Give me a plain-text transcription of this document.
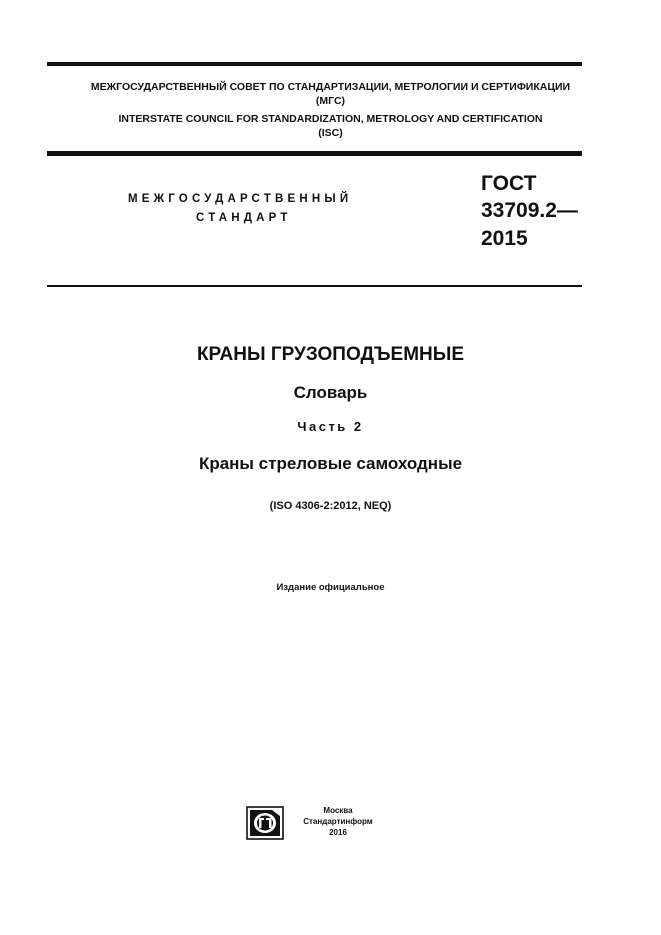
МЕЖГОСУДАРСТВЕННЫЙ СОВЕТ ПО СТАНДАРТИЗАЦИИ, МЕТРОЛОГИИ И СЕРТИФИКАЦИИ
(МГС)
INTERSTATE COUNCIL FOR STANDARDIZATION, METROLOGY AND CERTIFICATION
(ISC)
МЕЖГОСУДАРСТВЕННЫЙ
СТАНДАРТ
ГОСТ
33709.2—
2015
КРАНЫ ГРУЗОПОДЪЕМНЫЕ
Словарь
Часть 2
Краны стреловые самоходные
(ISO 4306-2:2012, NEQ)
Издание официальное
Москва
Стандартинформ
2016
